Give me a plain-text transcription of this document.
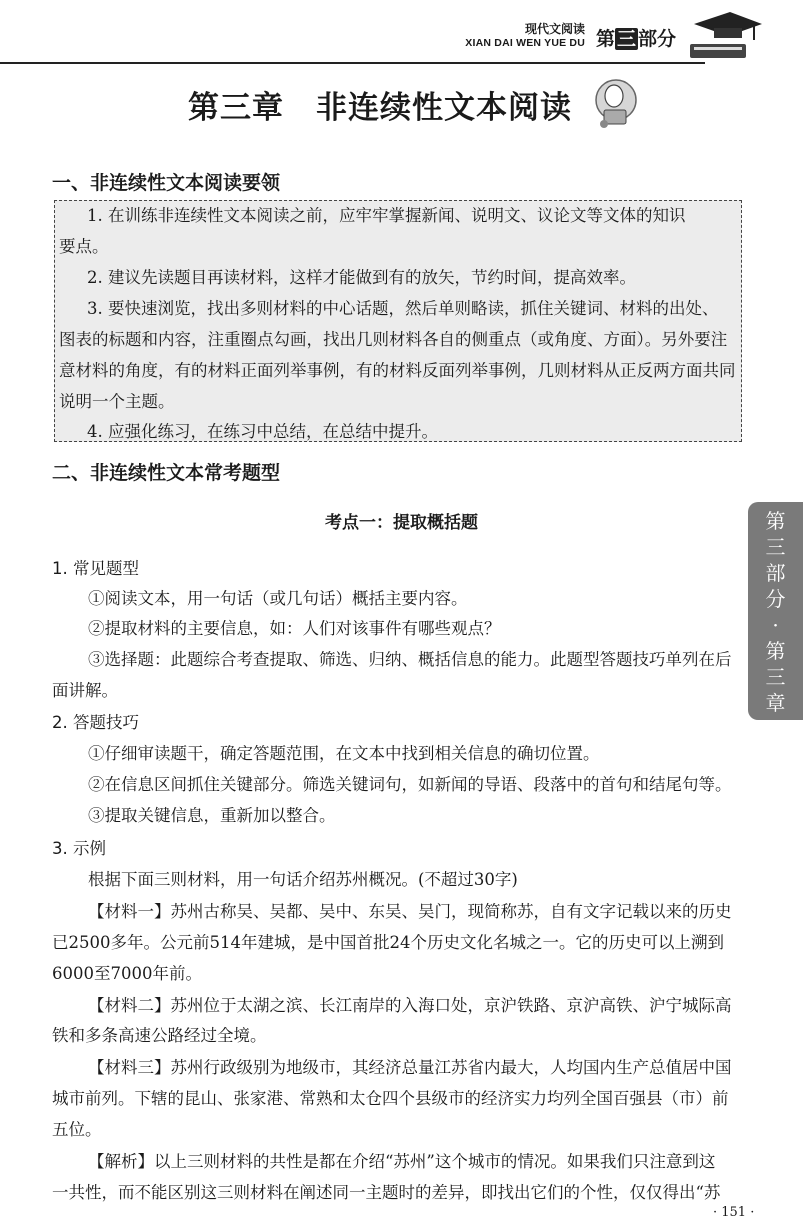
现代文阅读
XIAN DAI WEN YUE DU 第 三 部分
第三章　非连续性文本阅读
一、非连续性文本阅读要领

1. 在训练非连续性文本阅读之前，应牢牢掌握新闻、说明文、议论文等文体的知识

要点。

2. 建议先读题目再读材料，这样才能做到有的放矢，节约时间，提高效率。

3. 要快速浏览，找出多则材料的中心话题，然后单则略读，抓住关键词、材料的出处、

图表的标题和内容，注重圈点勾画，找出几则材料各自的侧重点（或角度、方面）。另外要注

意材料的角度，有的材料正面列举事例，有的材料反面列举事例，几则材料从正反两方面共同

说明一个主题。

4. 应强化练习，在练习中总结，在总结中提升。

二、非连续性文本常考题型
考点一：提取概括题

1. 常见题型

①阅读文本，用一句话（或几句话）概括主要内容。

②提取材料的主要信息，如：人们对该事件有哪些观点？

③选择题：此题综合考查提取、筛选、归纳、概括信息的能力。此题型答题技巧单列在后

面讲解。

2. 答题技巧

①仔细审读题干，确定答题范围，在文本中找到相关信息的确切位置。

②在信息区间抓住关键部分。筛选关键词句，如新闻的导语、段落中的首句和结尾句等。

③提取关键信息，重新加以整合。

3. 示例

根据下面三则材料，用一句话介绍苏州概况。(不超过30字)

【材料一】苏州古称吴、吴都、吴中、东吴、吴门，现简称苏，自有文字记载以来的历史

已2500多年。公元前514年建城，是中国首批24个历史文化名城之一。它的历史可以上溯到

6000至7000年前。

【材料二】苏州位于太湖之滨、长江南岸的入海口处，京沪铁路、京沪高铁、沪宁城际高

铁和多条高速公路经过全境。

【材料三】苏州行政级别为地级市，其经济总量江苏省内最大，人均国内生产总值居中国

城市前列。下辖的昆山、张家港、常熟和太仓四个县级市的经济实力均列全国百强县（市）前

五位。

【解析】以上三则材料的共性是都在介绍“苏州”这个城市的情况。如果我们只注意到这

一共性，而不能区别这三则材料在阐述同一主题时的差异，即找出它们的个性，仅仅得出“苏

第
三
部
分
·
第
三
章
· 151 ·
